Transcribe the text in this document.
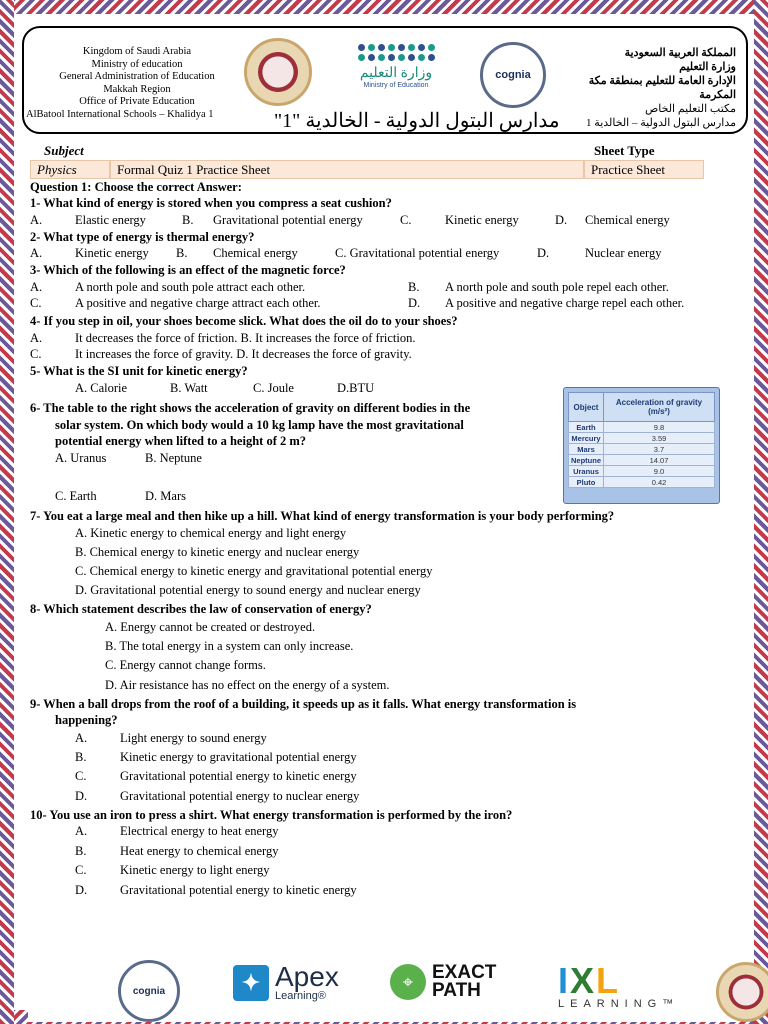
Kingdom of Saudi Arabia
Ministry of education
General Administration of Education
Makkah Region
Office of Private Education
AlBatool International Schools – Khalidya 1
وزارة التعليم
Ministry of Education
cognia
المملكة العربية السعودية
وزارة التعليم
الإدارة العامة للتعليم بمنطقة مكة المكرمة
مكتب التعليم الخاص
مدارس البتول الدولية – الخالدية 1
مدارس البتول الدولية - الخالدية "1"
Subject	Sheet Type
Physics	Formal Quiz 1 Practice Sheet	Practice Sheet
Question 1: Choose the correct Answer:
1- What kind of energy is stored when you compress a seat cushion?
A.	Elastic energy	B. Gravitational potential energy	C.	Kinetic energy	D. Chemical energy
2- What type of energy is thermal energy?
A.	Kinetic energy B. Chemical energy	C. Gravitational potential energy	D.	Nuclear energy
3- Which of the following is an effect of the magnetic force?
A.	A north pole and south pole attract each other.	B. A north pole and south pole repel each other.
C.	A positive and negative charge attract each other.	D. A positive and negative charge repel each other.
4- If you step in oil, your shoes become slick. What does the oil do to your shoes?
A.	It decreases the force of friction. B. It increases the force of friction.
C.	It increases the force of gravity. D. It decreases the force of gravity.
5- What is the SI unit for kinetic energy?
A. Calorie	B. Watt	C. Joule	D.BTU
6- The table to the right shows the acceleration of gravity on different bodies in the
solar system. On which body would a 10 kg lamp have the most gravitational
potential energy when lifted to a height of 2 m?
A. Uranus	B. Neptune
C. Earth	D. Mars
7- You eat a large meal and then hike up a hill. What kind of energy transformation is your body performing?
A. Kinetic energy to chemical energy and light energy
B. Chemical energy to kinetic energy and nuclear energy
C. Chemical energy to kinetic energy and gravitational potential energy
D. Gravitational potential energy to sound energy and nuclear energy
8- Which statement describes the law of conservation of energy?
A. Energy cannot be created or destroyed.
B. The total energy in a system can only increase.
C. Energy cannot change forms.
D. Air resistance has no effect on the energy of a system.
9- When a ball drops from the roof of a building, it speeds up as it falls. What energy transformation is
happening?
A.	Light energy to sound energy
B.	Kinetic energy to gravitational potential energy
C.	Gravitational potential energy to kinetic energy
D.	Gravitational potential energy to nuclear energy
10- You use an iron to press a shirt. What energy transformation is performed by the iron?
A.	Electrical energy to heat energy
B.	Heat energy to chemical energy
C.	Kinetic energy to light energy
D.	Gravitational potential energy to kinetic energy
Object	Acceleration of gravity (m/s²)
Earth	9.8
Mercury	3.59
Mars	3.7
Neptune	14.07
Uranus	9.0
Pluto	0.42
cognia	✦ Apex
Learning®
⌖ EXACT
PATH	IXL
LEARNING™
